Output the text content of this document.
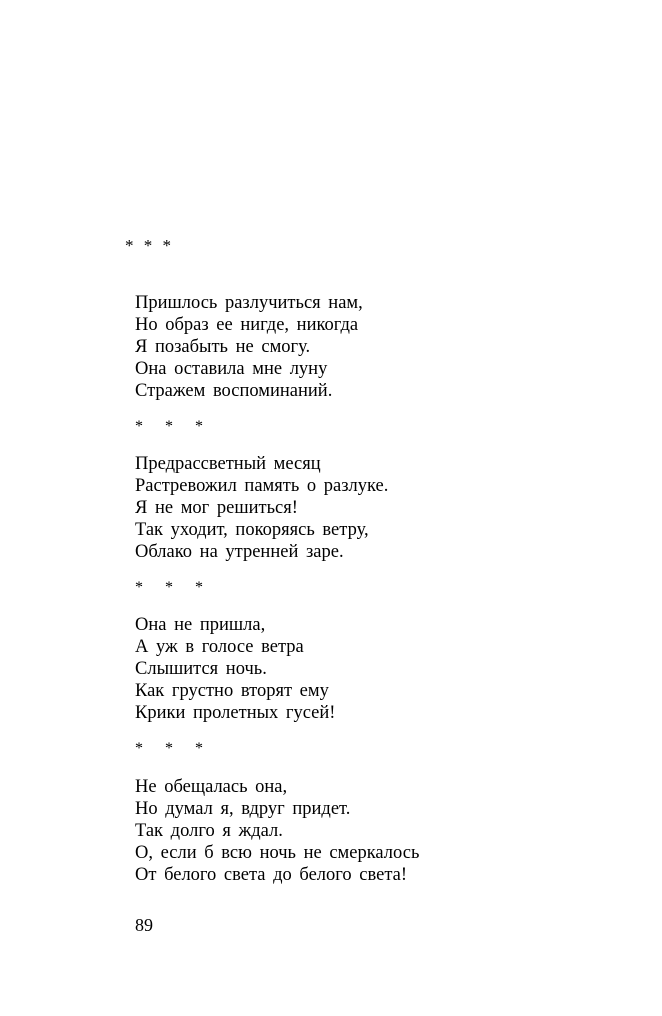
* * *
Пришлось разлучиться нам,
Но образ ее нигде, никогда
Я позабыть не смогу.
Она оставила мне луну
Стражем воспоминаний.
* * *
Предрассветный месяц
Растревожил память о разлуке.
Я не мог решиться!
Так уходит, покоряясь ветру,
Облако на утренней заре.
* * *
Она не пришла,
А уж в голосе ветра
Слышится ночь.
Как грустно вторят ему
Крики пролетных гусей!
* * *
Не обещалась она,
Но думал я, вдруг придет.
Так долго я ждал.
О, если б всю ночь не смеркалось
От белого света до белого света!
89
